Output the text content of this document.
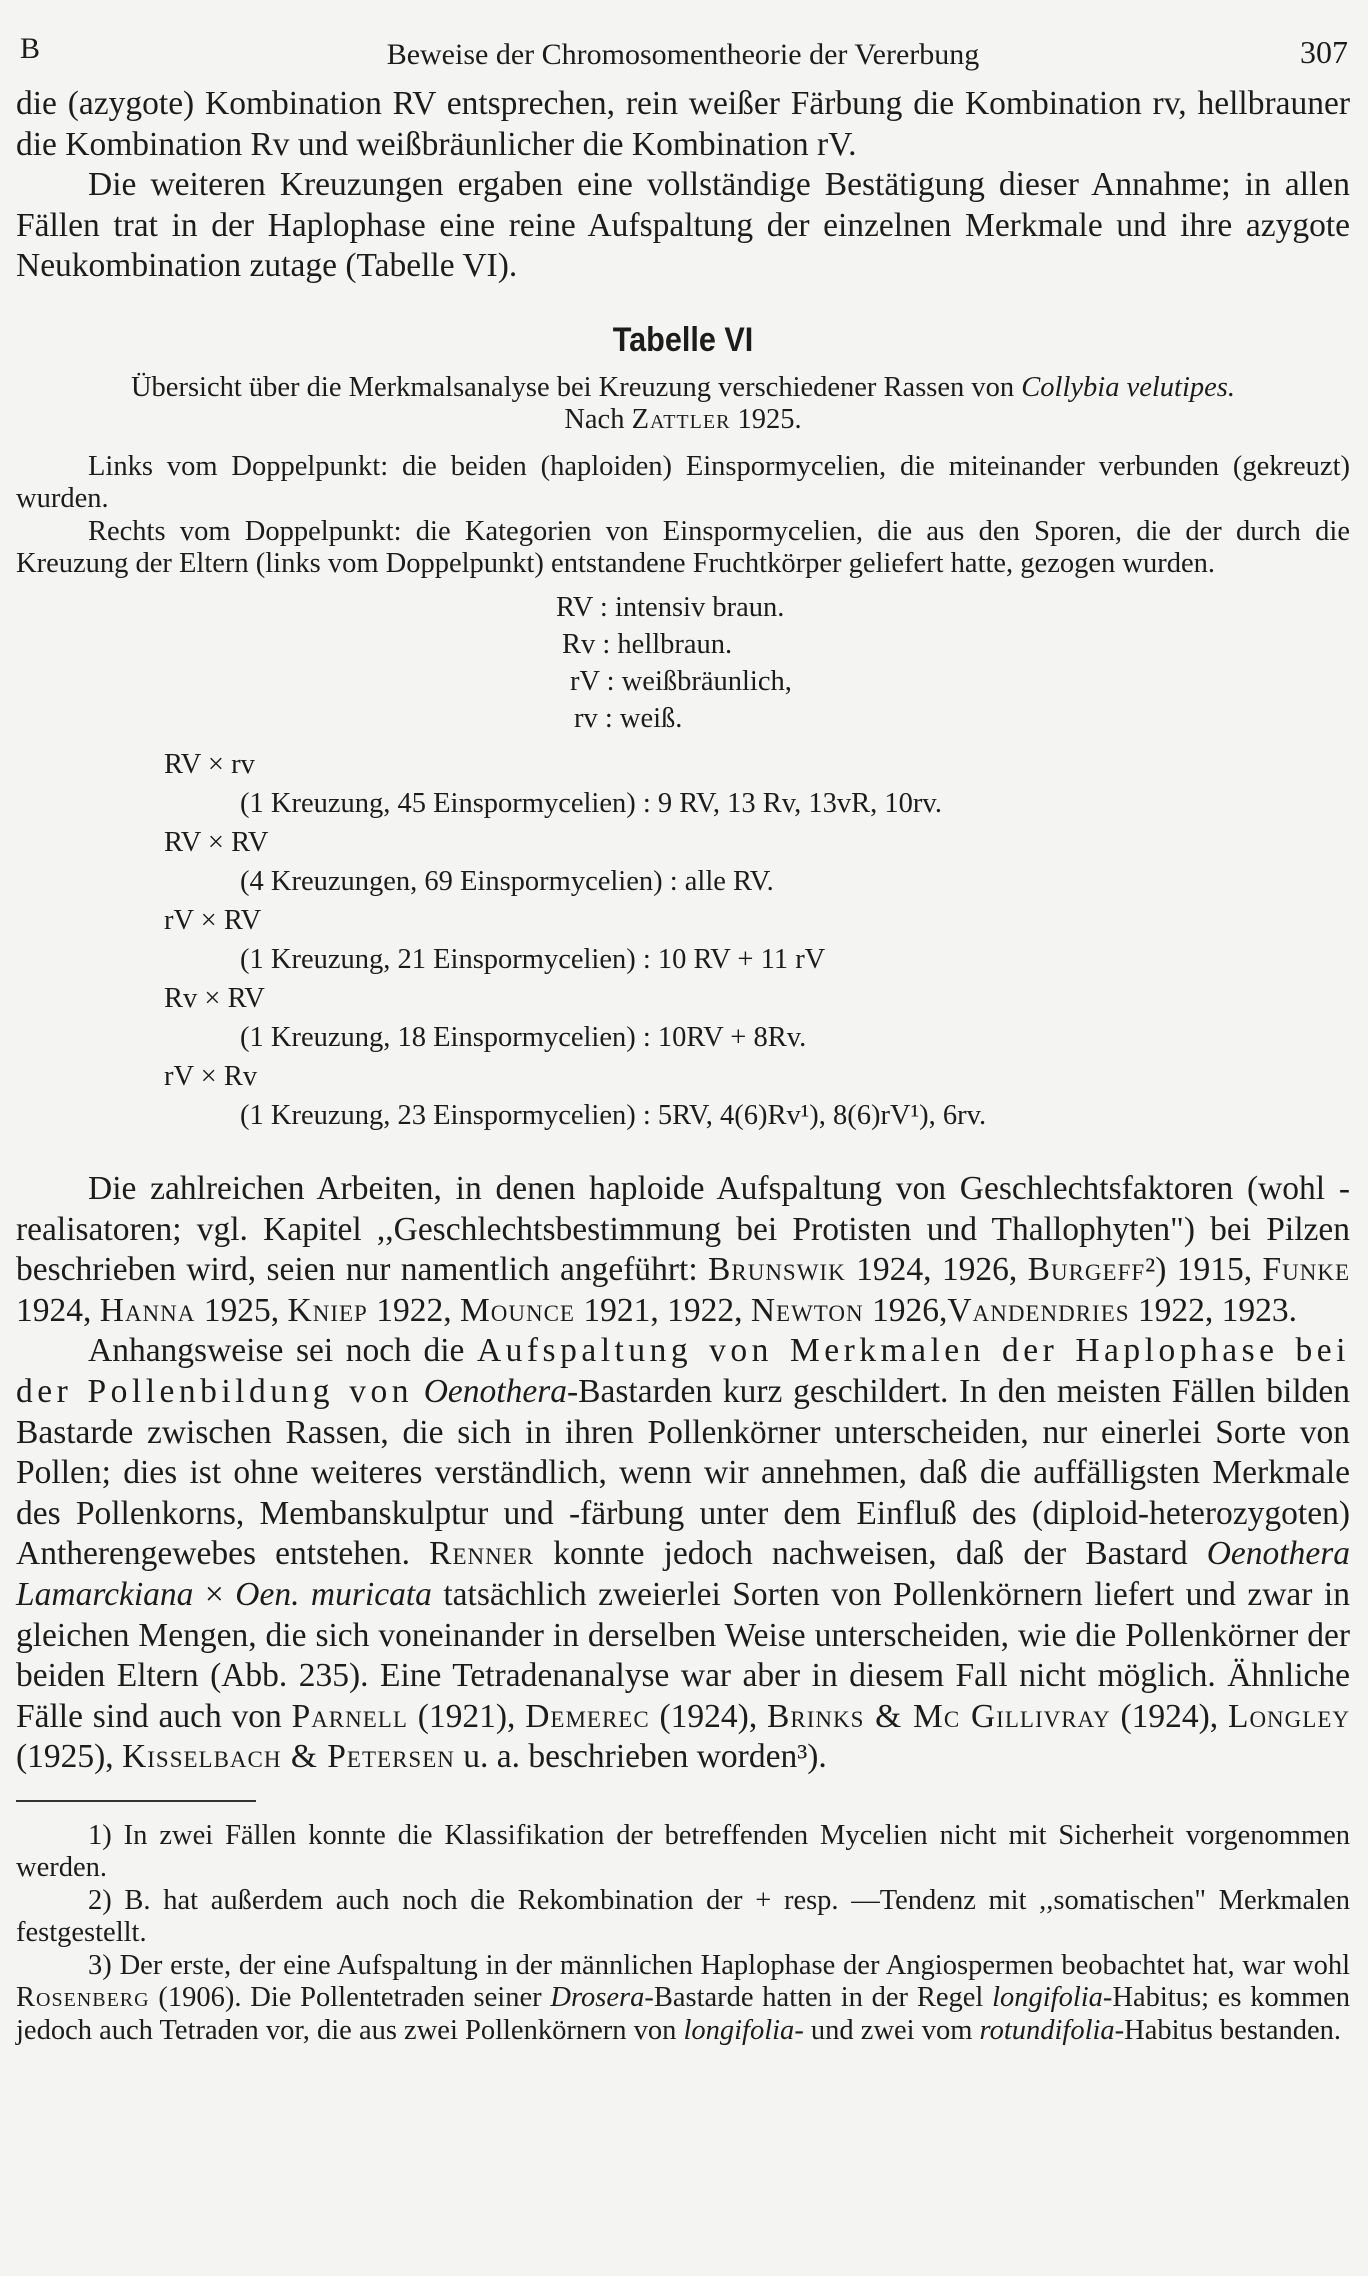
B	Beweise der Chromosomentheorie der Vererbung	307

die (azygote) Kombination RV entsprechen, rein weißer Färbung die Kombination rv, hellbrauner die Kombination Rv und weißbräunlicher die Kombination rV.

Die weiteren Kreuzungen ergaben eine vollständige Bestätigung dieser Annahme; in allen Fällen trat in der Haplophase eine reine Aufspaltung der einzelnen Merkmale und ihre azygote Neukombination zutage (Tabelle VI).

Tabelle VI

Übersicht über die Merkmalsanalyse bei Kreuzung verschiedener Rassen von Collybia velutipes.
Nach Zattler 1925.

Links vom Doppelpunkt: die beiden (haploiden) Einspormycelien, die miteinander verbunden (gekreuzt) wurden.

Rechts vom Doppelpunkt: die Kategorien von Einspormycelien, die aus den Sporen, die der durch die Kreuzung der Eltern (links vom Doppelpunkt) entstandene Fruchtkörper geliefert hatte, gezogen wurden.

RV : intensiv braun.
Rv : hellbraun.
rV : weißbräunlich,
rv : weiß.
RV × rv
(1 Kreuzung, 45 Einspormycelien) : 9 RV, 13 Rv, 13vR, 10rv.
RV × RV
(4 Kreuzungen, 69 Einspormycelien) : alle RV.
rV × RV
(1 Kreuzung, 21 Einspormycelien) : 10 RV + 11 rV
Rv × RV
(1 Kreuzung, 18 Einspormycelien) : 10RV + 8Rv.
rV × Rv
(1 Kreuzung, 23 Einspormycelien) : 5RV, 4(6)Rv¹), 8(6)rV¹), 6rv.

Die zahlreichen Arbeiten, in denen haploide Aufspaltung von Geschlechtsfaktoren (wohl -realisatoren; vgl. Kapitel ,,Geschlechtsbestimmung bei Protisten und Thallophyten") bei Pilzen beschrieben wird, seien nur namentlich angeführt: Brunswik 1924, 1926, Burgeff²) 1915, Funke 1924, Hanna 1925, Kniep 1922, Mounce 1921, 1922, Newton 1926,Vandendries 1922, 1923.

Anhangsweise sei noch die Aufspaltung von Merkmalen der Haplophase bei der Pollenbildung von Oenothera-Bastarden kurz geschildert. In den meisten Fällen bilden Bastarde zwischen Rassen, die sich in ihren Pollenkörner unterscheiden, nur einerlei Sorte von Pollen; dies ist ohne weiteres verständlich, wenn wir annehmen, daß die auffälligsten Merkmale des Pollenkorns, Membanskulptur und -färbung unter dem Einfluß des (diploid-heterozygoten) Antherengewebes entstehen. Renner konnte jedoch nachweisen, daß der Bastard Oenothera Lamarckiana × Oen. muricata tatsächlich zweierlei Sorten von Pollenkörnern liefert und zwar in gleichen Mengen, die sich voneinander in derselben Weise unterscheiden, wie die Pollenkörner der beiden Eltern (Abb. 235). Eine Tetradenanalyse war aber in diesem Fall nicht möglich. Ähnliche Fälle sind auch von Parnell (1921), Demerec (1924), Brinks & Mc Gillivray (1924), Longley (1925), Kisselbach & Petersen u. a. beschrieben worden³).

1) In zwei Fällen konnte die Klassifikation der betreffenden Mycelien nicht mit Sicherheit vorgenommen werden.

2) B. hat außerdem auch noch die Rekombination der + resp. —Tendenz mit ,,somatischen" Merkmalen festgestellt.

3) Der erste, der eine Aufspaltung in der männlichen Haplophase der Angiospermen beobachtet hat, war wohl Rosenberg (1906). Die Pollentetraden seiner Drosera-Bastarde hatten in der Regel longifolia-Habitus; es kommen jedoch auch Tetraden vor, die aus zwei Pollenkörnern von longifolia- und zwei vom rotundifolia-Habitus bestanden.
